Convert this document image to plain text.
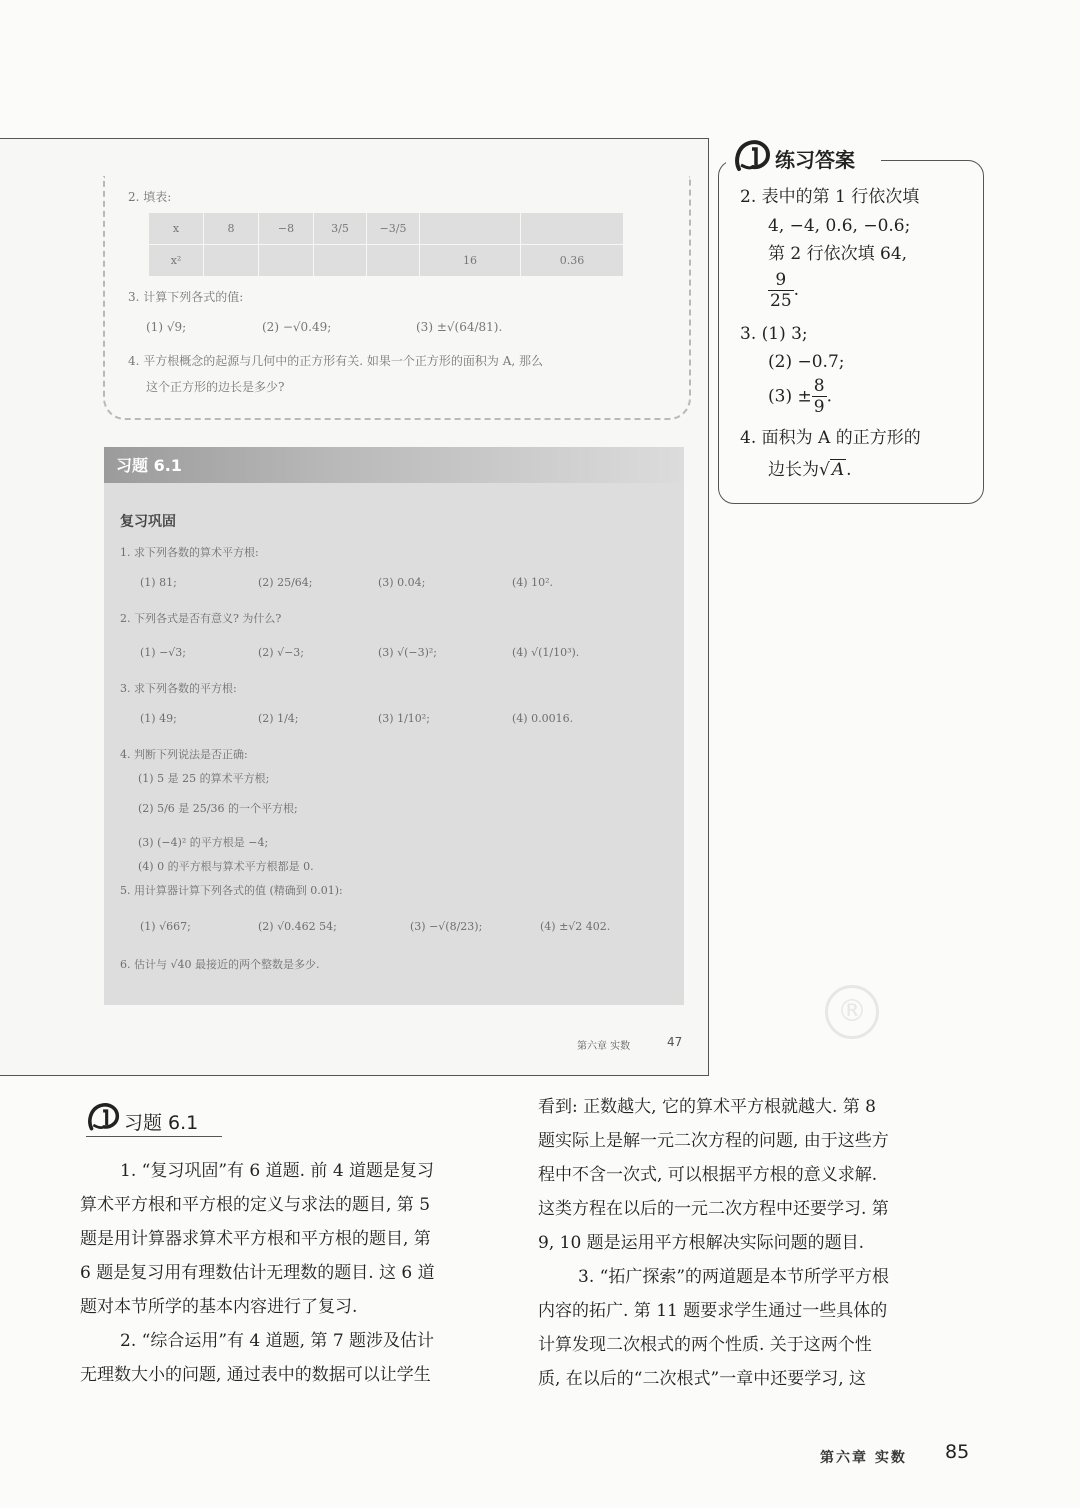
®
2. 填表:
x	8	−8	3/5	−3/5		
x²					16	0.36
3. 计算下列各式的值:
(1) √9;	(2) −√0.49;	(3) ±√(64/81).
4. 平方根概念的起源与几何中的正方形有关. 如果一个正方形的面积为 A, 那么
这个正方形的边长是多少?
习题 6.1
复习巩固
1. 求下列各数的算术平方根:
(1) 81;	(2) 25/64;	(3) 0.04;	(4) 10².
2. 下列各式是否有意义? 为什么?
(1) −√3;	(2) √−3;	(3) √(−3)²;	(4) √(1/10³).
3. 求下列各数的平方根:
(1) 49;	(2) 1/4;	(3) 1/10²;	(4) 0.0016.
4. 判断下列说法是否正确:
(1) 5 是 25 的算术平方根;
(2) 5/6 是 25/36 的一个平方根;
(3) (−4)² 的平方根是 −4;
(4) 0 的平方根与算术平方根都是 0.
5. 用计算器计算下列各式的值 (精确到 0.01):
(1) √667;	(2) √0.462 54;	(3) −√(8/23);	(4) ±√2 402.
6. 估计与 √40 最接近的两个整数是多少.
第六章 实数	47
练习答案
2. 表中的第 1 行依次填
4, −4, 0.6, −0.6;
第 2 行依次填 64,
$\frac{9}{25}$ .
3. (1) 3;
(2) −0.7;
$(3) \pm \frac{8}{9}$ .
4. 面积为 A 的正方形的
边长为√ A .
习题 6.1
1. “复习巩固”有 6 道题. 前 4 道题是复习
算术平方根和平方根的定义与求法的题目, 第 5
题是用计算器求算术平方根和平方根的题目, 第
6 题是复习用有理数估计无理数的题目. 这 6 道
题对本节所学的基本内容进行了复习.
2. “综合运用”有 4 道题, 第 7 题涉及估计
无理数大小的问题, 通过表中的数据可以让学生
看到: 正数越大, 它的算术平方根就越大. 第 8
题实际上是解一元二次方程的问题, 由于这些方
程中不含一次式, 可以根据平方根的意义求解.
这类方程在以后的一元二次方程中还要学习. 第
9, 10 题是运用平方根解决实际问题的题目.
3. “拓广探索”的两道题是本节所学平方根
内容的拓广. 第 11 题要求学生通过一些具体的
计算发现二次根式的两个性质. 关于这两个性
质, 在以后的“二次根式”一章中还要学习, 这
第六章 实数 85
